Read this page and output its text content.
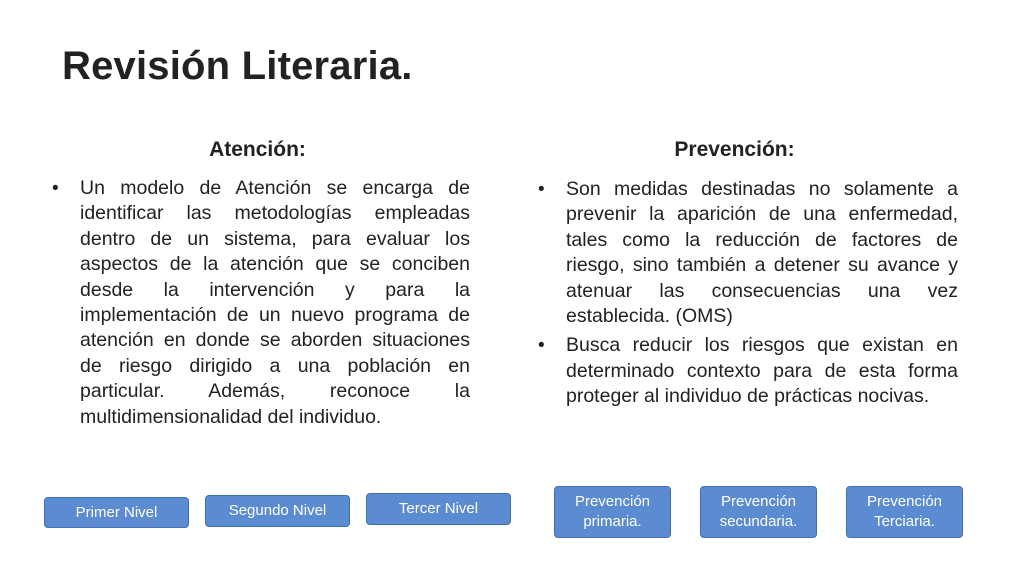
Revisión Literaria.
Atención:
• Un modelo de Atención se encarga de identificar las metodologías empleadas dentro de un sistema, para evaluar los aspectos de la atención que se conciben desde la intervención y para la implementación de un nuevo programa de atención en donde se aborden situaciones de riesgo dirigido a una población en particular. Además, reconoce la multidimensionalidad del individuo.
Prevención:
• Son medidas destinadas no solamente a prevenir la aparición de una enfermedad, tales como la reducción de factores de riesgo, sino también a detener su avance y atenuar las consecuencias una vez establecida. (OMS)
• Busca reducir los riesgos que existan en determinado contexto para de esta forma proteger al individuo de prácticas nocivas.
Primer Nivel	Segundo Nivel	Tercer Nivel	Prevención primaria.
Prevención secundaria.
Prevención Terciaria.
